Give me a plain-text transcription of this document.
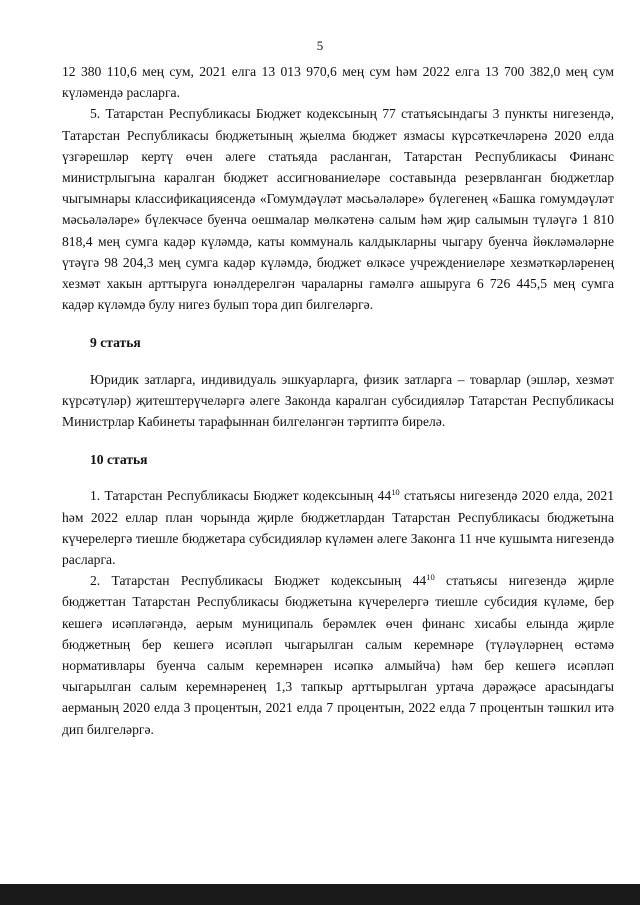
5

12 380 110,6 мең сум, 2021 елга 13 013 970,6 мең сум һәм 2022 елга 13 700 382,0 мең сум күләмендә расларга.

5. Татарстан Республикасы Бюджет кодексының 77 статьясындагы 3 пункты нигезендә, Татарстан Республикасы бюджетының җыелма бюджет язмасы күрсәткечләренә 2020 елда үзгәрешләр кертү өчен әлеге статьяда расланган, Татарстан Республикасы Финанс министрлыгына каралган бюджет ассигнованиеләре составында резервланган бюджетлар чыгымнары классификациясендә «Гомумдәүләт мәсьәләләре» бүлегенең «Башка гомумдәүләт мәсьәләләре» бүлекчәсе буенча оешмалар мөлкәтенә салым һәм җир салымын түләүгә 1 810 818,4 мең сумга кадәр күләмдә, каты коммуналь калдыкларны чыгару буенча йөкләмәләрне үтәүгә 98 204,3 мең сумга кадәр күләмдә, бюджет өлкәсе учреждениеләре хезмәткәрләренең хезмәт хакын арттыруга юнәлдерелгән чараларны гамәлгә ашыруга 6 726 445,5 мең сумга кадәр күләмдә булу нигез булып тора дип билгеләргә.

9 статья

Юридик затларга, индивидуаль эшкуарларга, физик затларга – товарлар (эшләр, хезмәт күрсәтүләр) җитештерүчеләргә әлеге Законда каралган субсидияләр Татарстан Республикасы Министрлар Кабинеты тарафыннан билгеләнгән тәртиптә бирелә.

10 статья

1. Татарстан Республикасы Бюджет кодексының $44^{10}$ статьясы нигезендә 2020 елда, 2021 һәм 2022 еллар план чорында җирле бюджетлардан Татарстан Республикасы бюджетына күчерелергә тиешле бюджетара субсидияләр күләмен әлеге Законга 11 нче кушымта нигезендә расларга.

2. Татарстан Республикасы Бюджет кодексының $44^{10}$ статьясы нигезендә җирле бюджеттан Татарстан Республикасы бюджетына күчерелергә тиешле субсидия күләме, бер кешегә исәпләгәндә, аерым муниципаль берәмлек өчен финанс хисабы елында җирле бюджетның бер кешегә исәпләп чыгарылган салым керемнәре (түләүләрнең өстәмә нормативлары буенча салым керемнәрен исәпкә алмыйча) һәм бер кешегә исәпләп чыгарылган салым керемнәренең 1,3 тапкыр арттырылган уртача дәрәҗәсе арасындагы аерманың 2020 елда 3 процентын, 2021 елда 7 процентын, 2022 елда 7 процентын тәшкил итә дип билгеләргә.
